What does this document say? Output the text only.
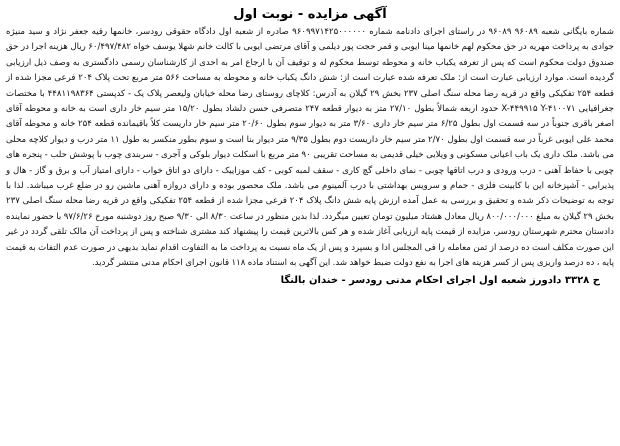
آگهی مزایده - نوبت اول
شماره بایگانی شعبه ۹۶۰۸۹ ۹۶۰۸۹ در راستای اجرای دادنامه شماره ۹۶۰۹۹۷۱۴۲۵۰۰۰۰۰۰ صادره از شعبه اول دادگاه حقوقی رودسر، خانمها رقیه جعفر نژاد و سید منیژه جوادی به پرداخت مهریه در حق محکوم لهم خانمها مینا ایوبی و قمر حجت پور دیلمی و آقای مرتضی ایوبی با کالت خانم شهلا یوسف خواه ۶۰/۴۹۷/۴۸۲ ریال هزینه اجرا در حق صندوق دولت محکوم است که پس از تعرفه یکباب خانه و محوطه توسط محکوم له و توقیف آن با ارجاع امر به احدی از کارشناسان رسمی دادگستری به وصف ذیل ارزیابی گردیده است. موارد ارزیابی عبارت است از: ملک تعرفه شده عبارت است از: شش دانگ یکباب خانه و محوطه به مساحت ۵۶۶ متر مربع تحت پلاک ۲۰۴ فرعی مجزا شده از قطعه ۲۵۴ تفکیکی واقع در قریه رضا محله سنگ اصلی ۲۳۷ بخش ۲۹ گیلان به آدرس: کلاچای روستای رضا محله خیابان ولیعصر پلاک یک - کدپستی ۴۴۸۱۱۹۸۳۶۴ با مختصات جغرافیایی X-۴۴۹۹۱۵ Y-۴۱۰۰۷۱ حدود اربعه شمالاً بطول ۲۷/۱۰ متر به دیوار قطعه ۲۴۷ متصرفی حسن دلشاد بطول ۱۵/۲۰ متر سیم خار داری است به خانه و محوطه آقای اصغر باقری جنوباً در سه قسمت اول بطول ۶/۲۵ متر سیم خار داری ۳/۶۰ متر به دیوار سوم بطول ۲۰/۶۰ متر سیم خار داریست کلاً باقیمانده قطعه ۲۵۴ خانه و محوطه آقای محمد علی ایوبی غرباً در سه قسمت اول بطول ۲/۷۰ متر سیم خار داریست دوم بطول ۹/۳۵ متر دیوار بنا است و سوم بطور منکسر به طول ۱۱ متر درب و دیوار کلاچه محلی می باشد. ملک داری یک باب اعیانی مسکونی و ویلایی خیلی قدیمی به مساحت تقریبی ۹۰ متر مربع با اسکلت دیوار بلوکی و آجری - سربندی چوب با پوشش حلب - پنجره های چوبی با حفاظ آهنی - درب ورودی و درب اتاقها چوبی - نمای داخلی گچ کاری - سقف لمبه کوبی - کف موزاییک - دارای دو اتاق خواب - دارای امتیاز آب و برق و گاز - هال و پذیرایی - آشپزخانه این با کابینت فلزی - حمام و سرویس بهداشتی با درب آلمینوم می باشد. ملک محصور بوده و دارای دروازه آهنی ماشین رو در ضلع غرب میباشد. لذا با توجه به توضیحات ذکر شده و تحقیق و بررسی به عمل آمده ارزش پایه شش دانگ پلاک ۲۰۴ فرعی مجزا شده از قطعه ۲۵۴ تفکیکی واقع در قریه رضا محله سنگ اصلی ۲۳۷ بخش ۲۹ گیلان به مبلغ ۸۰۰/۰۰۰/۰۰۰ ریال معادل هشتاد میلیون تومان تعیین میگردد. لذا بدین منظور در ساعت ۸/۳۰ الی ۹/۳۰ صبح روز دوشنبه مورخ ۹۷/۶/۲۶ با حضور نماینده دادستان محترم شهرستان رودسر، مزایده از قیمت پایه ارزیابی آغاز شده و هر کس بالاترین قیمت را پیشنهاد کند مشتری شناخته و پس از پرداخت آن مالک تلقی گردد در غیر این صورت مکلف است ده درصد از ثمن معامله را فی المجلس ادا و بسپرد و پس از یک ماه نسبت به پرداخت ما به التفاوت اقدام نماید بدیهی در صورت عدم التفات به قیمت پایه ، ده درصد واریزی پس از کسر هزینه های اجرا به نفع دولت ضبط خواهد شد. این آگهی به استناد ماده ۱۱۸ قانون اجرای احکام مدنی منتشر گردید.
ح ۳۳۲۸ دادورز شعبه اول اجرای احکام مدنی رودسر - خندان بالنگا
